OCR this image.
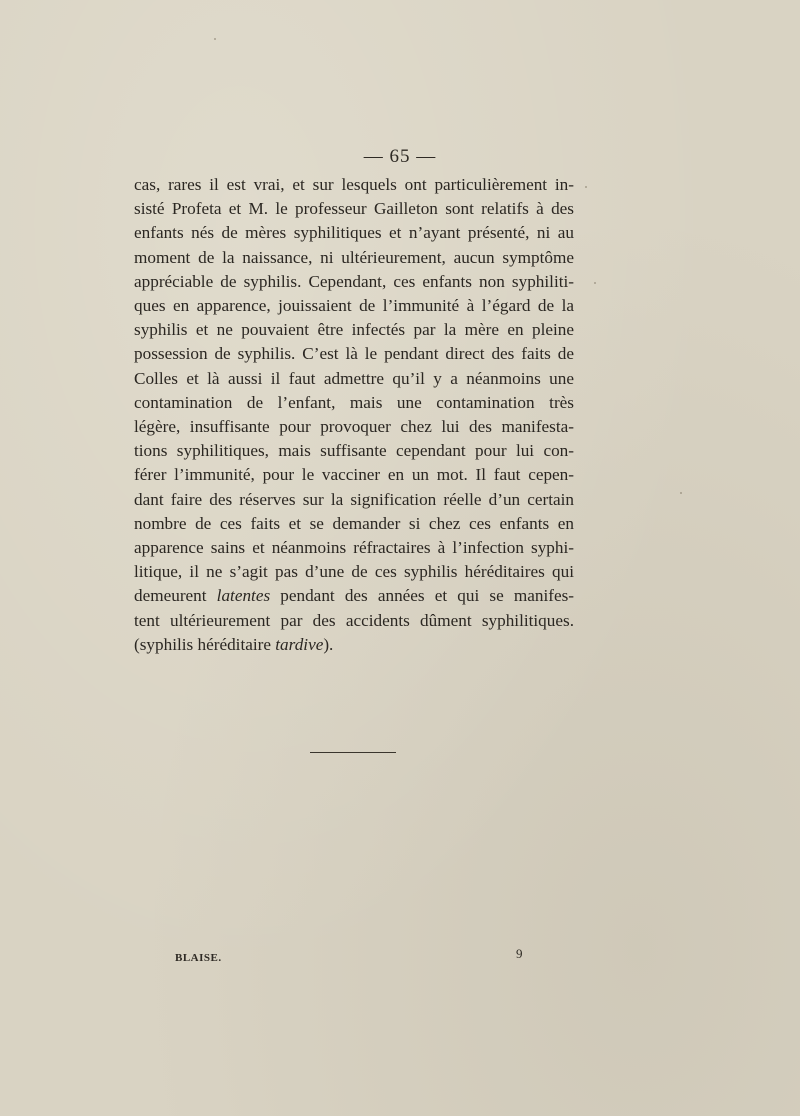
— 65 —
cas, rares il est vrai, et sur lesquels ont particulièrement in-
sisté Profeta et M. le professeur Gailleton sont relatifs à des
enfants nés de mères syphilitiques et n’ayant présenté, ni au
moment de la naissance, ni ultérieurement, aucun symptôme
appréciable de syphilis. Cependant, ces enfants non syphiliti-
ques en apparence, jouissaient de l’immunité à l’égard de la
syphilis et ne pouvaient être infectés par la mère en pleine
possession de syphilis. C’est là le pendant direct des faits de
Colles et là aussi il faut admettre qu’il y a néanmoins une
contamination de l’enfant, mais une contamination très
légère, insuffisante pour provoquer chez lui des manifesta-
tions syphilitiques, mais suffisante cependant pour lui con-
férer l’immunité, pour le vacciner en un mot. Il faut cepen-
dant faire des réserves sur la signification réelle d’un certain
nombre de ces faits et se demander si chez ces enfants en
apparence sains et néanmoins réfractaires à l’infection syphi-
litique, il ne s’agit pas d’une de ces syphilis héréditaires qui
demeurent latentes pendant des années et qui se manifes-
tent ultérieurement par des accidents dûment syphilitiques.
(syphilis héréditaire tardive).
BLAISE.	9
